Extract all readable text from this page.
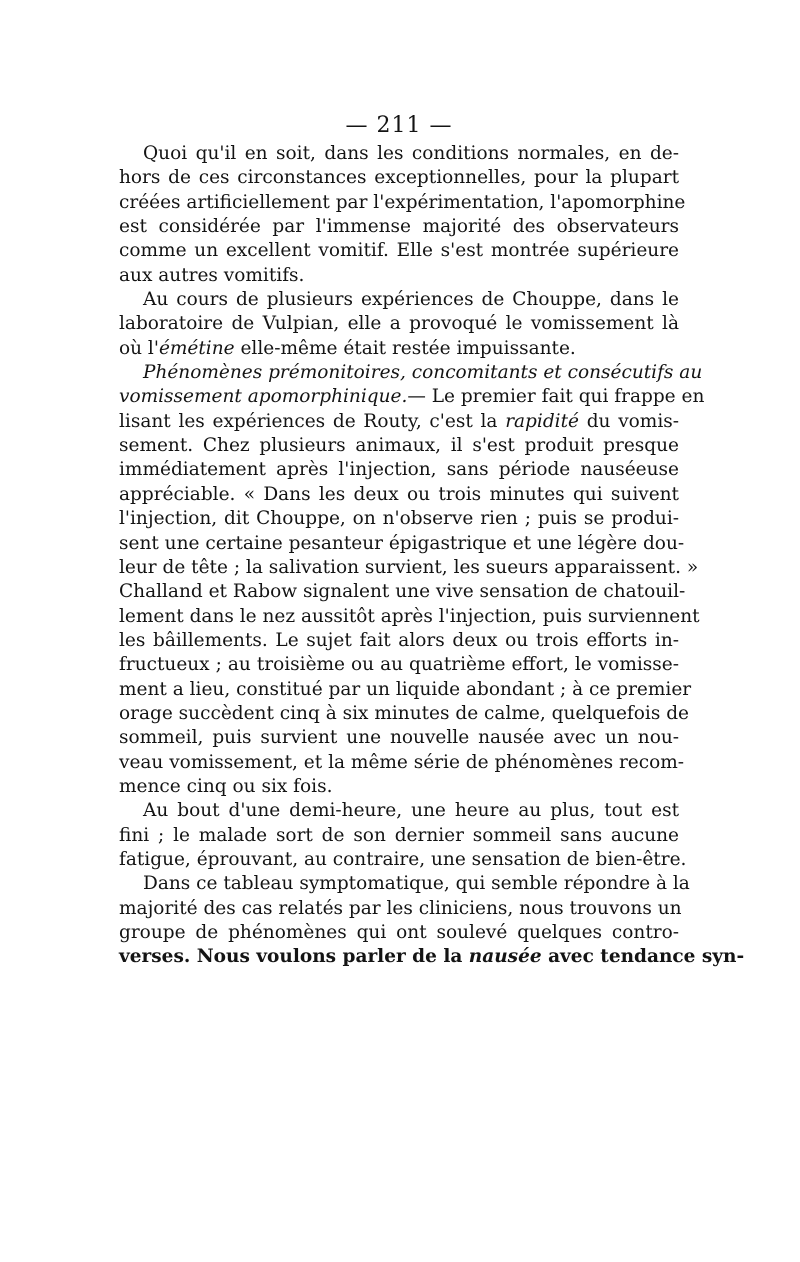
— 211 —
Quoi qu'il en soit, dans les conditions normales, en de-
hors de ces circonstances exceptionnelles, pour la plupart
créées artificiellement par l'expérimentation, l'apomorphine
est considérée par l'immense majorité des observateurs
comme un excellent vomitif. Elle s'est montrée supérieure
aux autres vomitifs.
Au cours de plusieurs expériences de Chouppe, dans le
laboratoire de Vulpian, elle a provoqué le vomissement là
où l'émétine elle-même était restée impuissante.
Phénomènes prémonitoires, concomitants et consécutifs au
vomissement apomorphinique.— Le premier fait qui frappe en
lisant les expériences de Routy, c'est la rapidité du vomis-
sement. Chez plusieurs animaux, il s'est produit presque
immédiatement après l'injection, sans période nauséeuse
appréciable. « Dans les deux ou trois minutes qui suivent
l'injection, dit Chouppe, on n'observe rien ; puis se produi-
sent une certaine pesanteur épigastrique et une légère dou-
leur de tête ; la salivation survient, les sueurs apparaissent. »
Challand et Rabow signalent une vive sensation de chatouil-
lement dans le nez aussitôt après l'injection, puis surviennent
les bâillements. Le sujet fait alors deux ou trois efforts in-
fructueux ; au troisième ou au quatrième effort, le vomisse-
ment a lieu, constitué par un liquide abondant ; à ce premier
orage succèdent cinq à six minutes de calme, quelquefois de
sommeil, puis survient une nouvelle nausée avec un nou-
veau vomissement, et la même série de phénomènes recom-
mence cinq ou six fois.
Au bout d'une demi-heure, une heure au plus, tout est
fini ; le malade sort de son dernier sommeil sans aucune
fatigue, éprouvant, au contraire, une sensation de bien-être.
Dans ce tableau symptomatique, qui semble répondre à la
majorité des cas relatés par les cliniciens, nous trouvons un
groupe de phénomènes qui ont soulevé quelques contro-
verses. Nous voulons parler de la nausée avec tendance syn-
